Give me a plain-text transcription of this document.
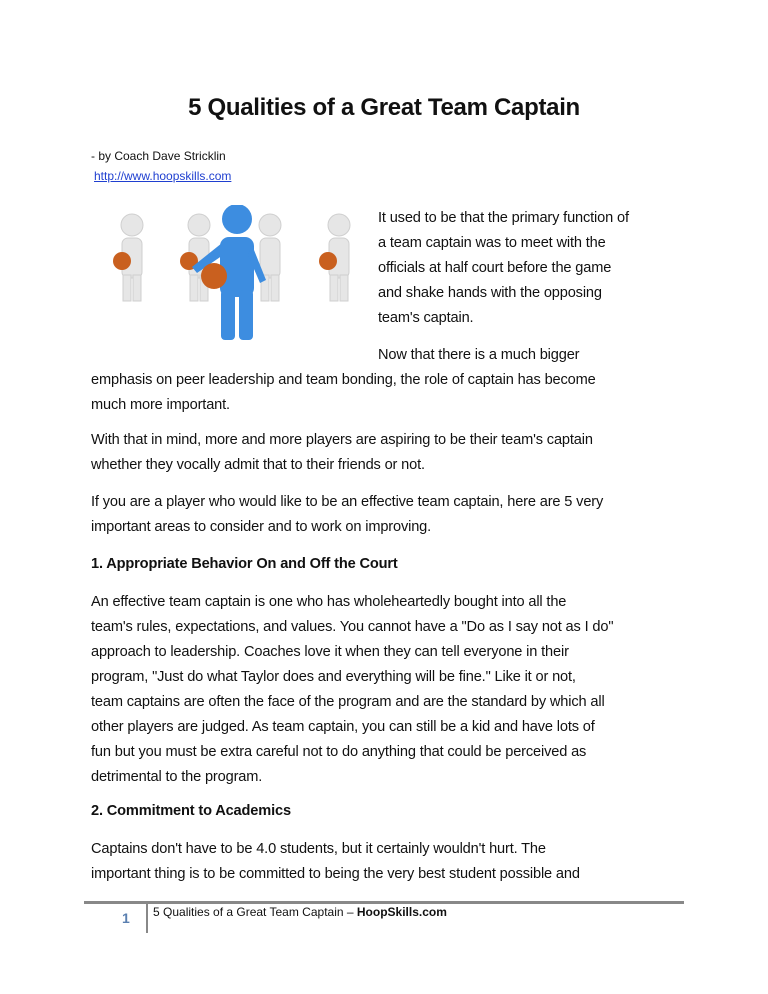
5 Qualities of a Great Team Captain
- by Coach Dave Stricklin
http://www.hoopskills.com
It used to be that the primary function of
a team captain was to meet with the
officials at half court before the game
and shake hands with the opposing
team's captain.
Now that there is a much bigger
emphasis on peer leadership and team bonding, the role of captain has become
much more important.
With that in mind, more and more players are aspiring to be their team's captain
whether they vocally admit that to their friends or not.
If you are a player who would like to be an effective team captain, here are 5 very
important areas to consider and to work on improving.
1. Appropriate Behavior On and Off the Court
An effective team captain is one who has wholeheartedly bought into all the
team's rules, expectations, and values. You cannot have a "Do as I say not as I do"
approach to leadership. Coaches love it when they can tell everyone in their
program, "Just do what Taylor does and everything will be fine." Like it or not,
team captains are often the face of the program and are the standard by which all
other players are judged. As team captain, you can still be a kid and have lots of
fun but you must be extra careful not to do anything that could be perceived as
detrimental to the program.
2. Commitment to Academics
Captains don't have to be 4.0 students, but it certainly wouldn't hurt. The
important thing is to be committed to being the very best student possible and
1 5 Qualities of a Great Team Captain – HoopSkills.com
